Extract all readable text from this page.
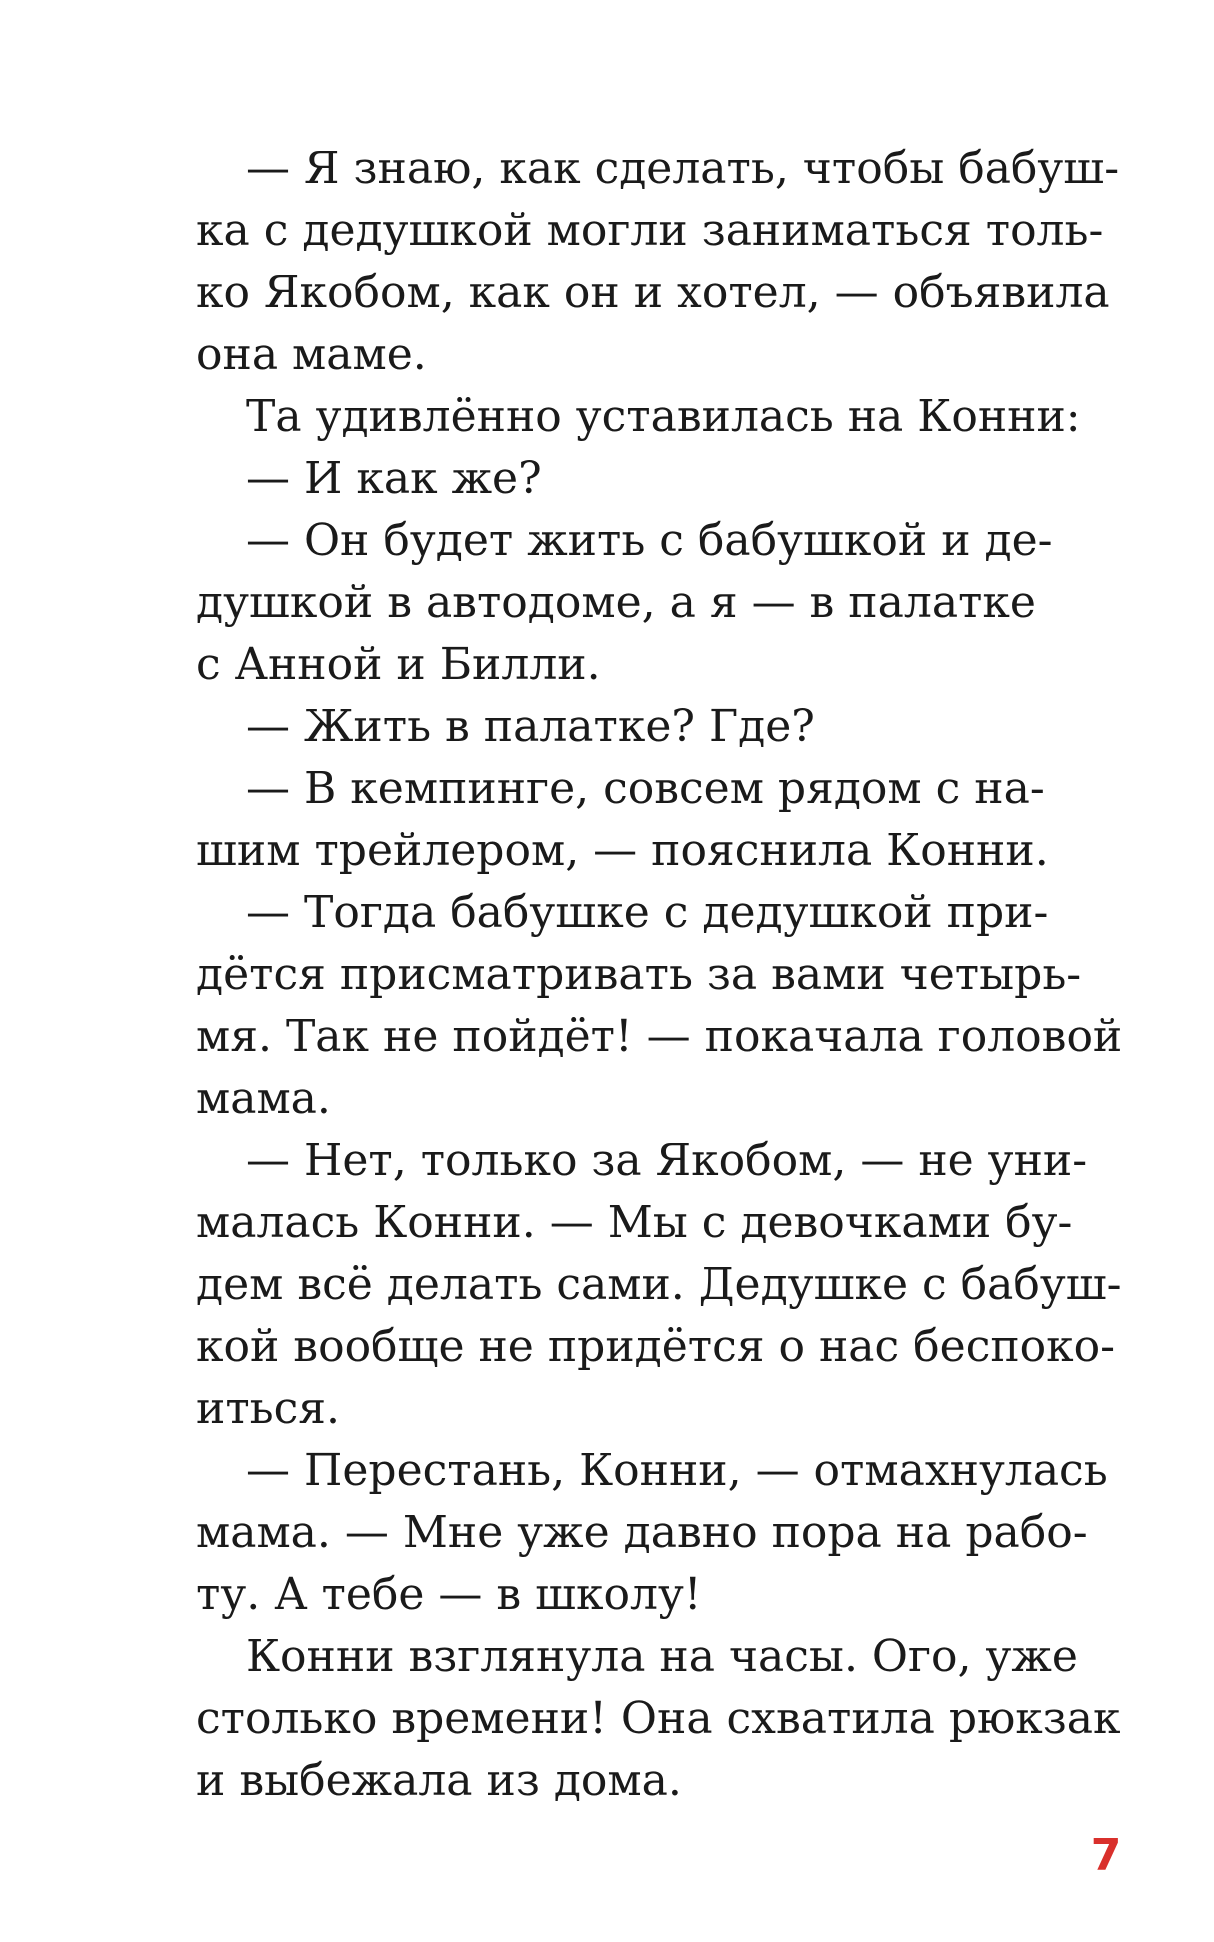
— Я знаю, как сделать, чтобы бабуш-
ка с дедушкой могли заниматься толь-
ко Якобом, как он и хотел, — объявила
она маме.
Та удивлённо уставилась на Конни:
— И как же?
— Он будет жить с бабушкой и де-
душкой в автодоме, а я — в палатке
с Анной и Билли.
— Жить в палатке? Где?
— В кемпинге, совсем рядом с на-
шим трейлером, — пояснила Конни.
— Тогда бабушке с дедушкой при-
дётся присматривать за вами четырь-
мя. Так не пойдёт! — покачала головой
мама.
— Нет, только за Якобом, — не уни-
малась Конни. — Мы с девочками бу-
дем всё делать сами. Дедушке с бабуш-
кой вообще не придётся о нас беспоко-
иться.
— Перестань, Конни, — отмахнулась
мама. — Мне уже давно пора на рабо-
ту. А тебе — в школу!
Конни взглянула на часы. Ого, уже
столько времени! Она схватила рюкзак
и выбежала из дома.
7
